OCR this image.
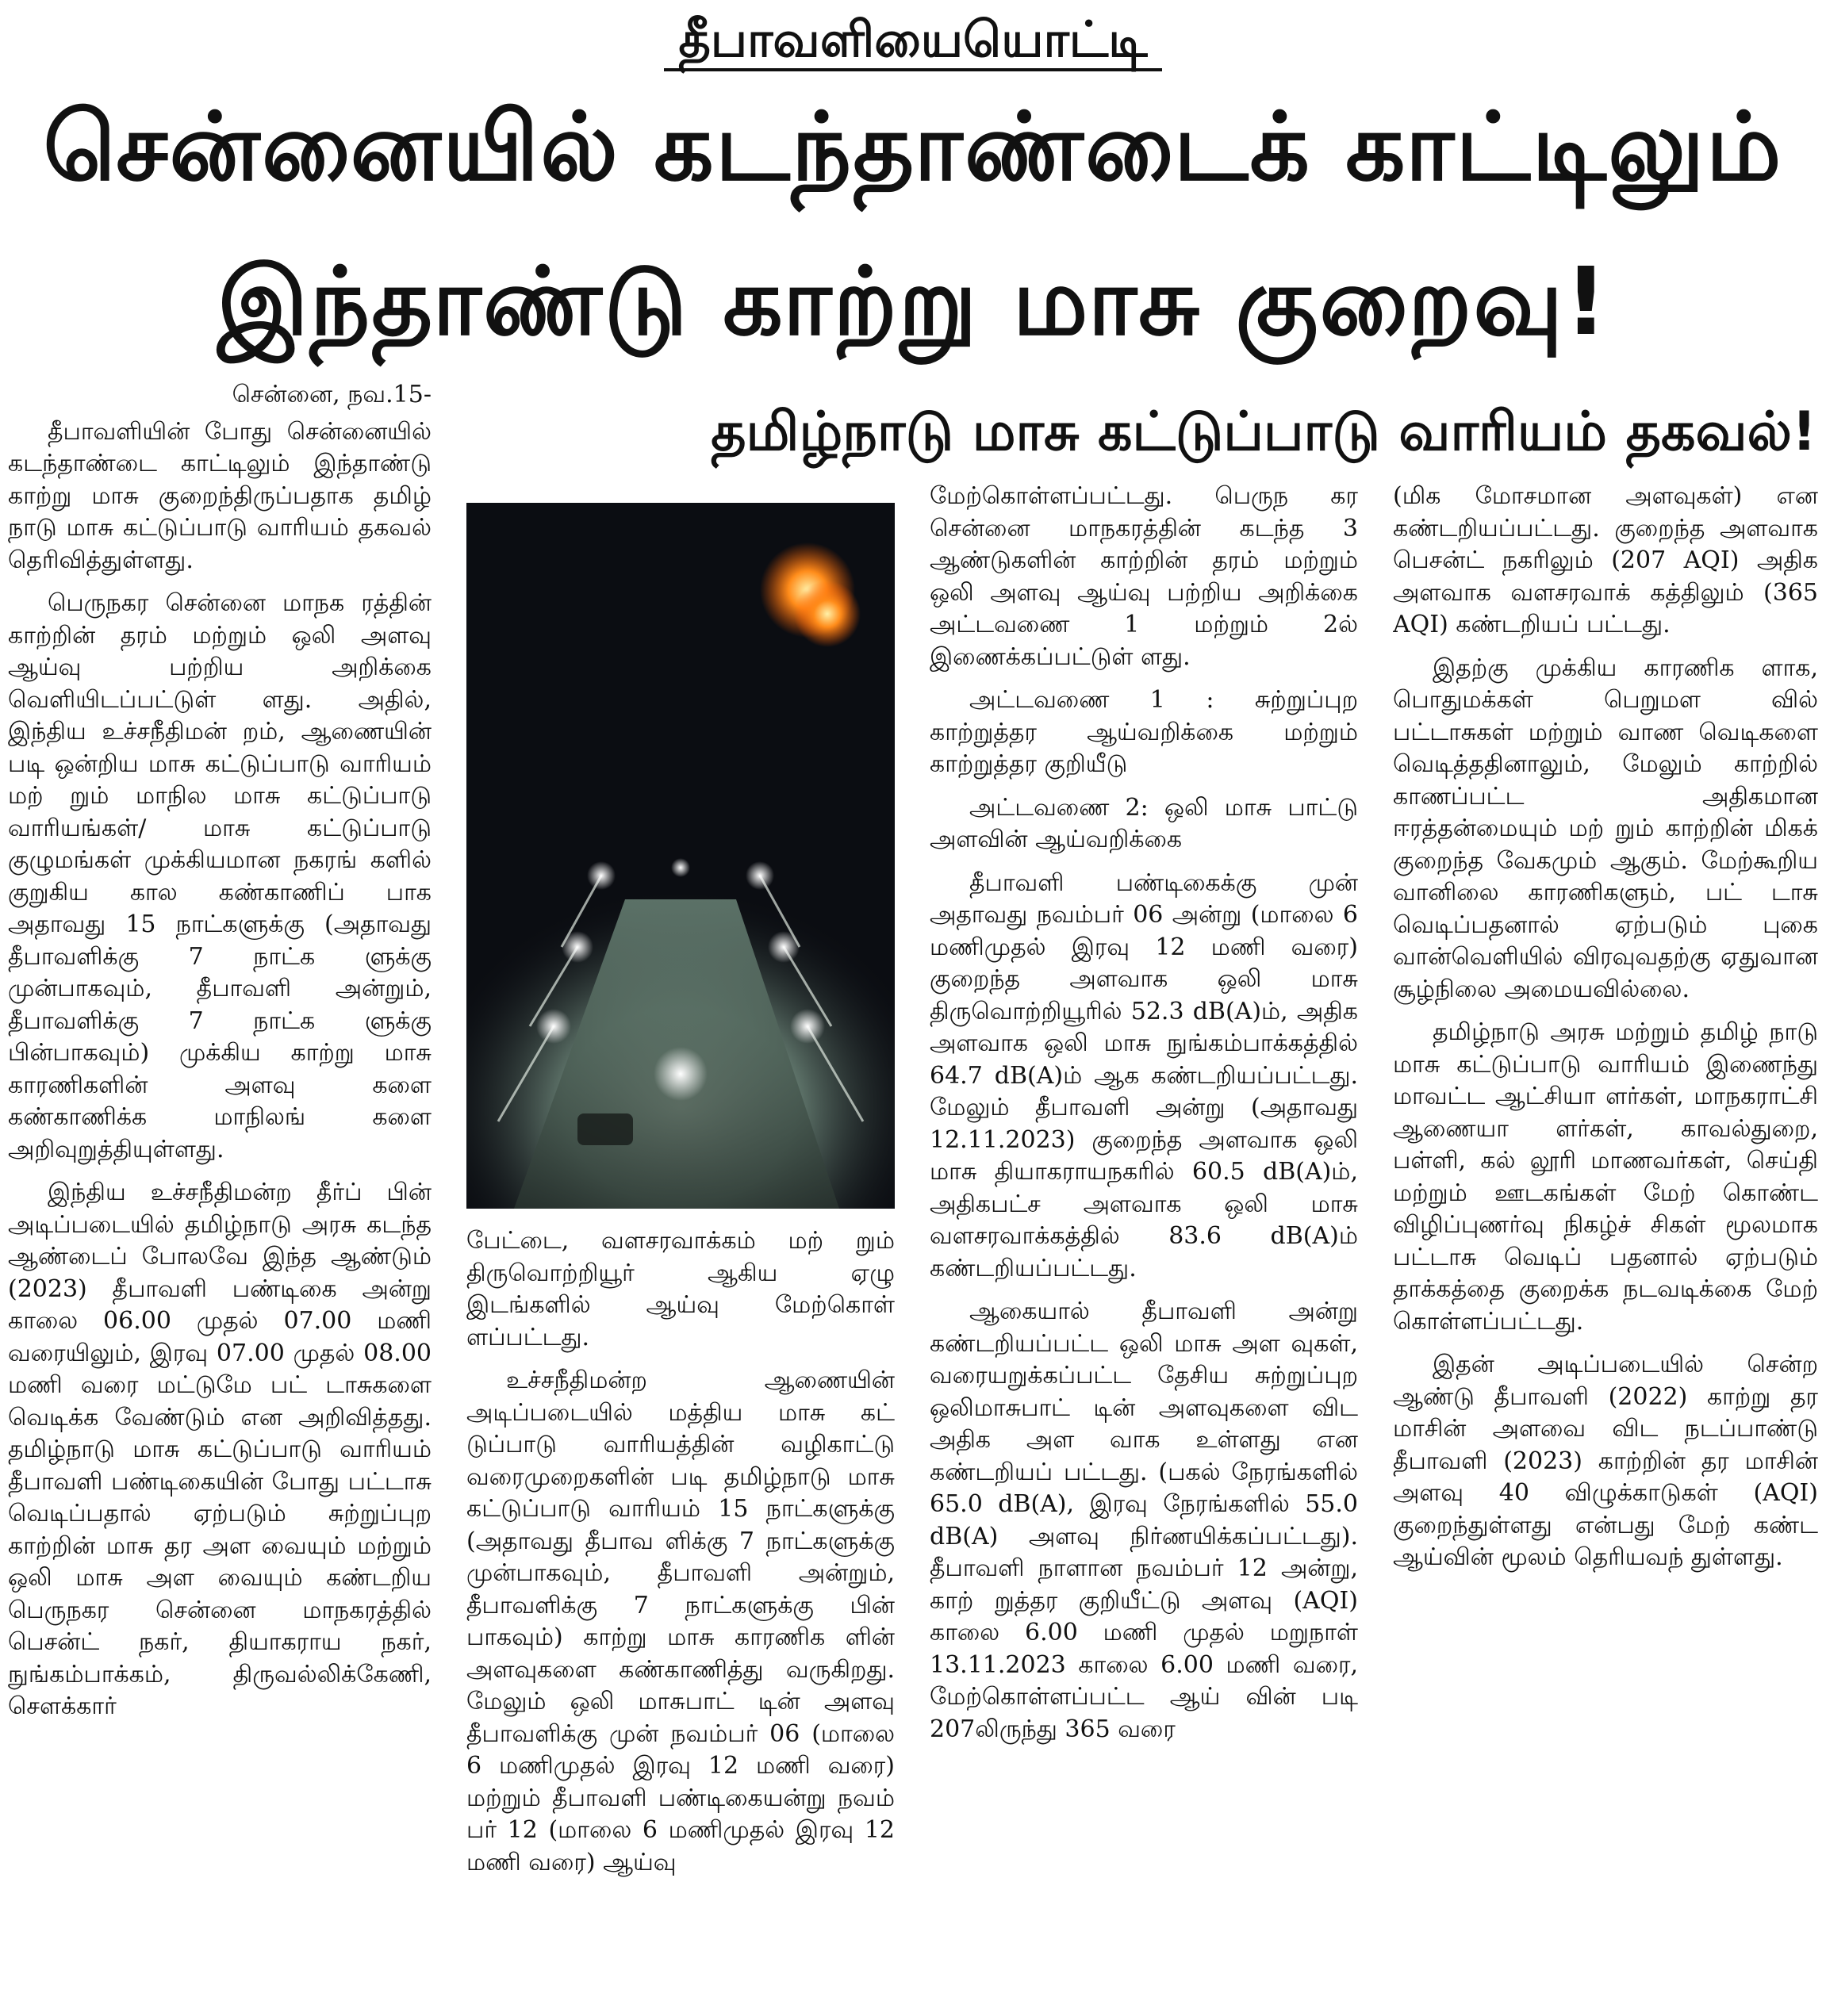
தீபாவளியையொட்டி
சென்னையில் கடந்தாண்டைக் காட்டிலும்
இந்தாண்டு காற்று மாசு குறைவு!
தமிழ்நாடு மாசு கட்டுப்பாடு வாரியம் தகவல்!

சென்னை, நவ.15-

தீபாவளியின் போது சென்னையில் கடந்தாண்டை காட்டிலும் இந்தாண்டு காற்று மாசு குறைந்திருப்பதாக தமிழ் நாடு மாசு கட்டுப்பாடு வாரியம் தகவல் தெரிவித்துள்ளது.

பெருநகர சென்னை மாநக ரத்தின் காற்றின் தரம் மற்றும் ஒலி அளவு ஆய்வு பற்றிய அறிக்கை வெளியிடப்பட்டுள் ளது. அதில், இந்திய உச்சநீதிமன் றம், ஆணையின் படி ஒன்றிய மாசு கட்டுப்பாடு வாரியம் மற் றும் மாநில மாசு கட்டுப்பாடு வாரியங்கள்/ மாசு கட்டுப்பாடு குழுமங்கள் முக்கியமான நகரங் களில் குறுகிய கால கண்காணிப் பாக அதாவது 15 நாட்களுக்கு (அதாவது தீபாவளிக்கு 7 நாட்க ளுக்கு முன்பாகவும், தீபாவளி அன்றும், தீபாவளிக்கு 7 நாட்க ளுக்கு பின்பாகவும்) முக்கிய காற்று மாசு காரணிகளின் அளவு களை கண்காணிக்க மாநிலங் களை அறிவுறுத்தியுள்ளது.

இந்திய உச்சநீதிமன்ற தீர்ப் பின் அடிப்படையில் தமிழ்நாடு அரசு கடந்த ஆண்டைப் போலவே இந்த ஆண்டும் (2023) தீபாவளி பண்டிகை அன்று காலை 06.00 முதல் 07.00 மணி வரையிலும், இரவு 07.00 முதல் 08.00 மணி வரை மட்டுமே பட் டாசுகளை வெடிக்க வேண்டும் என அறிவித்தது. தமிழ்நாடு மாசு கட்டுப்பாடு வாரியம் தீபாவளி பண்டிகையின் போது பட்டாசு வெடிப்பதால் ஏற்படும் சுற்றுப்புற காற்றின் மாசு தர அள வையும் மற்றும் ஒலி மாசு அள வையும் கண்டறிய பெருநகர சென்னை மாநகரத்தில் பெசன்ட் நகர், தியாகராய நகர், நுங்கம்பாக்கம், திருவல்லிக்கேணி, சௌக்கார்

பேட்டை, வளசரவாக்கம் மற் றும் திருவொற்றியூர் ஆகிய ஏழு இடங்களில் ஆய்வு மேற்கொள் ளப்பட்டது.

உச்சநீதிமன்ற ஆணையின் அடிப்படையில் மத்திய மாசு கட் டுப்பாடு வாரியத்தின் வழிகாட்டு வரைமுறைகளின் படி தமிழ்நாடு மாசு கட்டுப்பாடு வாரியம் 15 நாட்களுக்கு (அதாவது தீபாவ ளிக்கு 7 நாட்களுக்கு முன்பாகவும், தீபாவளி அன்றும், தீபாவளிக்கு 7 நாட்களுக்கு பின் பாகவும்) காற்று மாசு காரணிக ளின் அளவுகளை கண்காணித்து வருகிறது. மேலும் ஒலி மாசுபாட் டின் அளவு தீபாவளிக்கு முன் நவம்பர் 06 (மாலை 6 மணிமுதல் இரவு 12 மணி வரை) மற்றும் தீபாவளி பண்டிகையன்று நவம் பர் 12 (மாலை 6 மணிமுதல் இரவு 12 மணி வரை) ஆய்வு

மேற்கொள்ளப்பட்டது. பெருந கர சென்னை மாநகரத்தின் கடந்த 3 ஆண்டுகளின் காற்றின் தரம் மற்றும் ஒலி அளவு ஆய்வு பற்றிய அறிக்கை அட்டவணை 1 மற்றும் 2ல் இணைக்கப்பட்டுள் ளது.

அட்டவணை 1 : சுற்றுப்புற காற்றுத்தர ஆய்வறிக்கை மற்றும் காற்றுத்தர குறியீடு

அட்டவணை 2: ஒலி மாசு பாட்டு அளவின் ஆய்வறிக்கை

தீபாவளி பண்டிகைக்கு முன் அதாவது நவம்பர் 06 அன்று (மாலை 6 மணிமுதல் இரவு 12 மணி வரை) குறைந்த அளவாக ஒலி மாசு திருவொற்றியூரில் 52.3 dB(A)ம், அதிக அளவாக ஒலி மாசு நுங்கம்பாக்கத்தில் 64.7 dB(A)ம் ஆக கண்டறியப்பட்டது. மேலும் தீபாவளி அன்று (அதாவது 12.11.2023) குறைந்த அளவாக ஒலி மாசு தியாகராயநகரில் 60.5 dB(A)ம், அதிகபட்ச அளவாக ஒலி மாசு வளசரவாக்கத்தில் 83.6 dB(A)ம் கண்டறியப்பட்டது.

ஆகையால் தீபாவளி அன்று கண்டறியப்பட்ட ஒலி மாசு அள வுகள், வரையறுக்கப்பட்ட தேசிய சுற்றுப்புற ஒலிமாசுபாட் டின் அளவுகளை விட அதிக அள வாக உள்ளது என கண்டறியப் பட்டது. (பகல் நேரங்களில் 65.0 dB(A), இரவு நேரங்களில் 55.0 dB(A) அளவு நிர்ணயிக்கப்பட்டது). தீபாவளி நாளான நவம்பர் 12 அன்று, காற் றுத்தர குறியீட்டு அளவு (AQI) காலை 6.00 மணி முதல் மறுநாள் 13.11.2023 காலை 6.00 மணி வரை, மேற்கொள்ளப்பட்ட ஆய் வின் படி 207லிருந்து 365 வரை

(மிக மோசமான அளவுகள்) என கண்டறியப்பட்டது. குறைந்த அளவாக பெசன்ட் நகரிலும் (207 AQI) அதிக அளவாக வளசரவாக் கத்திலும் (365 AQI) கண்டறியப் பட்டது.

இதற்கு முக்கிய காரணிக ளாக, பொதுமக்கள் பெறுமள வில் பட்டாசுகள் மற்றும் வாண வெடிகளை வெடித்ததினாலும், மேலும் காற்றில் காணப்பட்ட அதிகமான ஈரத்தன்மையும் மற் றும் காற்றின் மிகக் குறைந்த வேகமும் ஆகும். மேற்கூறிய வானிலை காரணிகளும், பட் டாசு வெடிப்பதனால் ஏற்படும் புகை வான்வெளியில் விரவுவதற்கு ஏதுவான சூழ்நிலை அமையவில்லை.

தமிழ்நாடு அரசு மற்றும் தமிழ் நாடு மாசு கட்டுப்பாடு வாரியம் இணைந்து மாவட்ட ஆட்சியா ளர்கள், மாநகராட்சி ஆணையா ளர்கள், காவல்துறை, பள்ளி, கல் லூரி மாணவர்கள், செய்தி மற்றும் ஊடகங்கள் மேற் கொண்ட விழிப்புணர்வு நிகழ்ச் சிகள் மூலமாக பட்டாசு வெடிப் பதனால் ஏற்படும் தாக்கத்தை குறைக்க நடவடிக்கை மேற் கொள்ளப்பட்டது.

இதன் அடிப்படையில் சென்ற ஆண்டு தீபாவளி (2022) காற்று தர மாசின் அளவை விட நடப்பாண்டு தீபாவளி (2023) காற்றின் தர மாசின் அளவு 40 விழுக்காடுகள் (AQI) குறைந்துள்ளது என்பது மேற் கண்ட ஆய்வின் மூலம் தெரியவந் துள்ளது.
